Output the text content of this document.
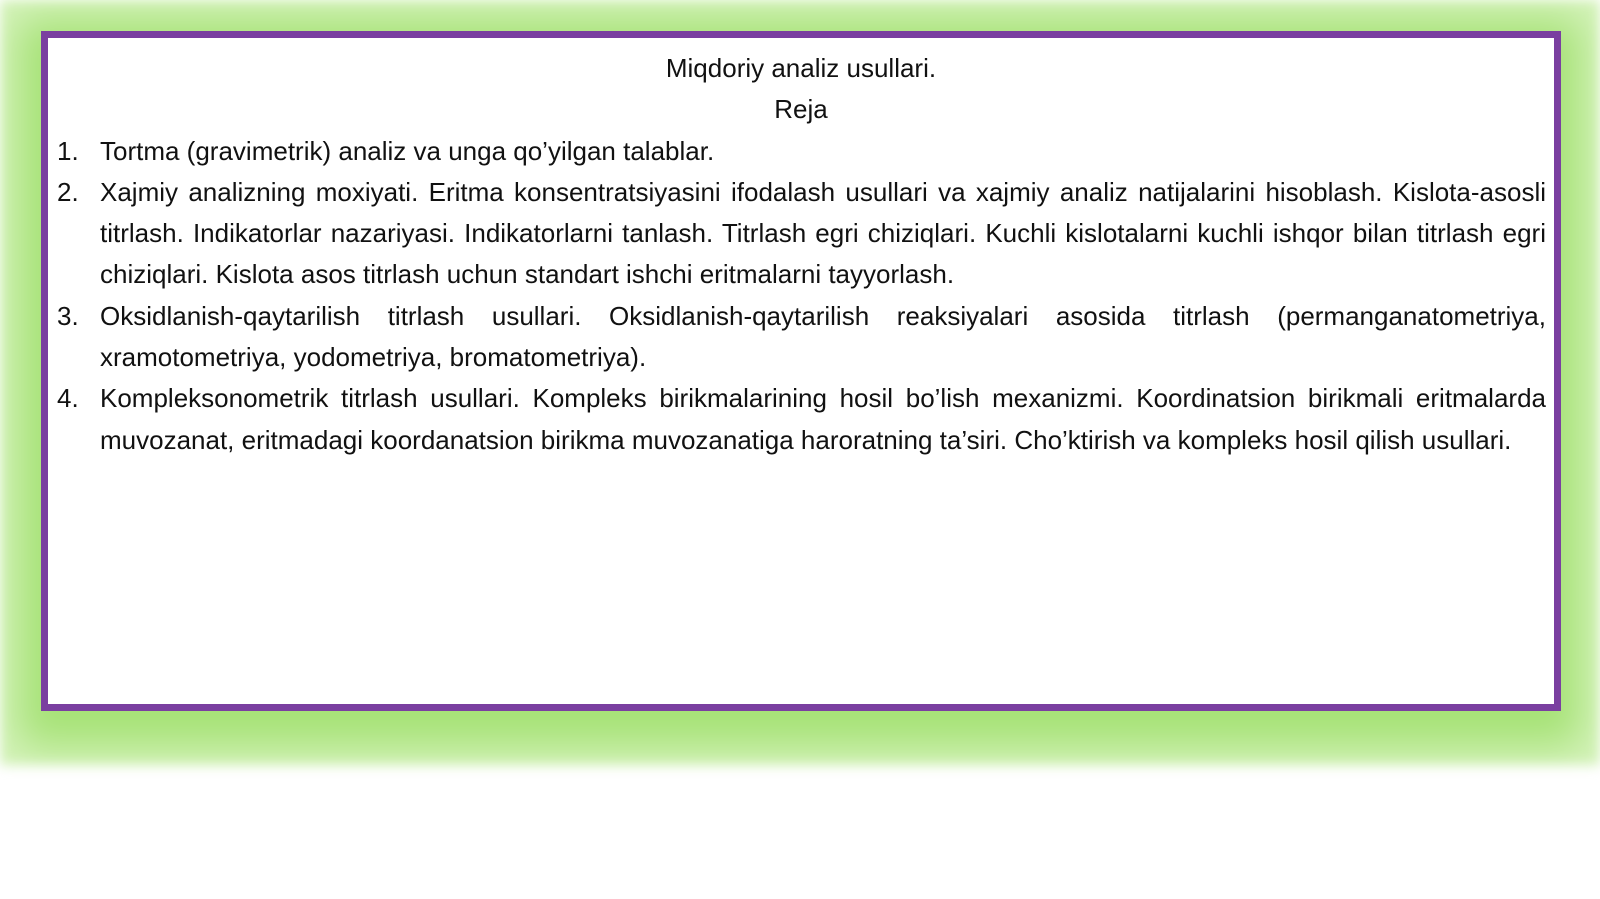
Miqdoriy analiz usullari.
Reja
1. Tortma (gravimetrik) analiz va unga qo’yilgan talablar.
2. Xajmiy analizning moxiyati. Eritma konsentratsiyasini ifodalash usullari va xajmiy analiz natijalarini hisoblash. Kislota-asosli titrlash. Indikatorlar nazariyasi. Indikatorlarni tanlash. Titrlash egri chiziqlari. Kuchli kislotalarni kuchli ishqor bilan titrlash egri chiziqlari. Kislota asos titrlash uchun standart ishchi eritmalarni tayyorlash.
3. Oksidlanish-qaytarilish titrlash usullari. Oksidlanish-qaytarilish reaksiyalari asosida titrlash (permanganatometriya, xramotometriya, yodometriya, bromatometriya).
4. Kompleksonometrik titrlash usullari. Kompleks birikmalarining hosil bo’lish mexanizmi. Koordinatsion birikmali eritmalarda muvozanat, eritmadagi koordanatsion birikma muvozanatiga haroratning ta’siri. Cho’ktirish va kompleks hosil qilish usullari.
